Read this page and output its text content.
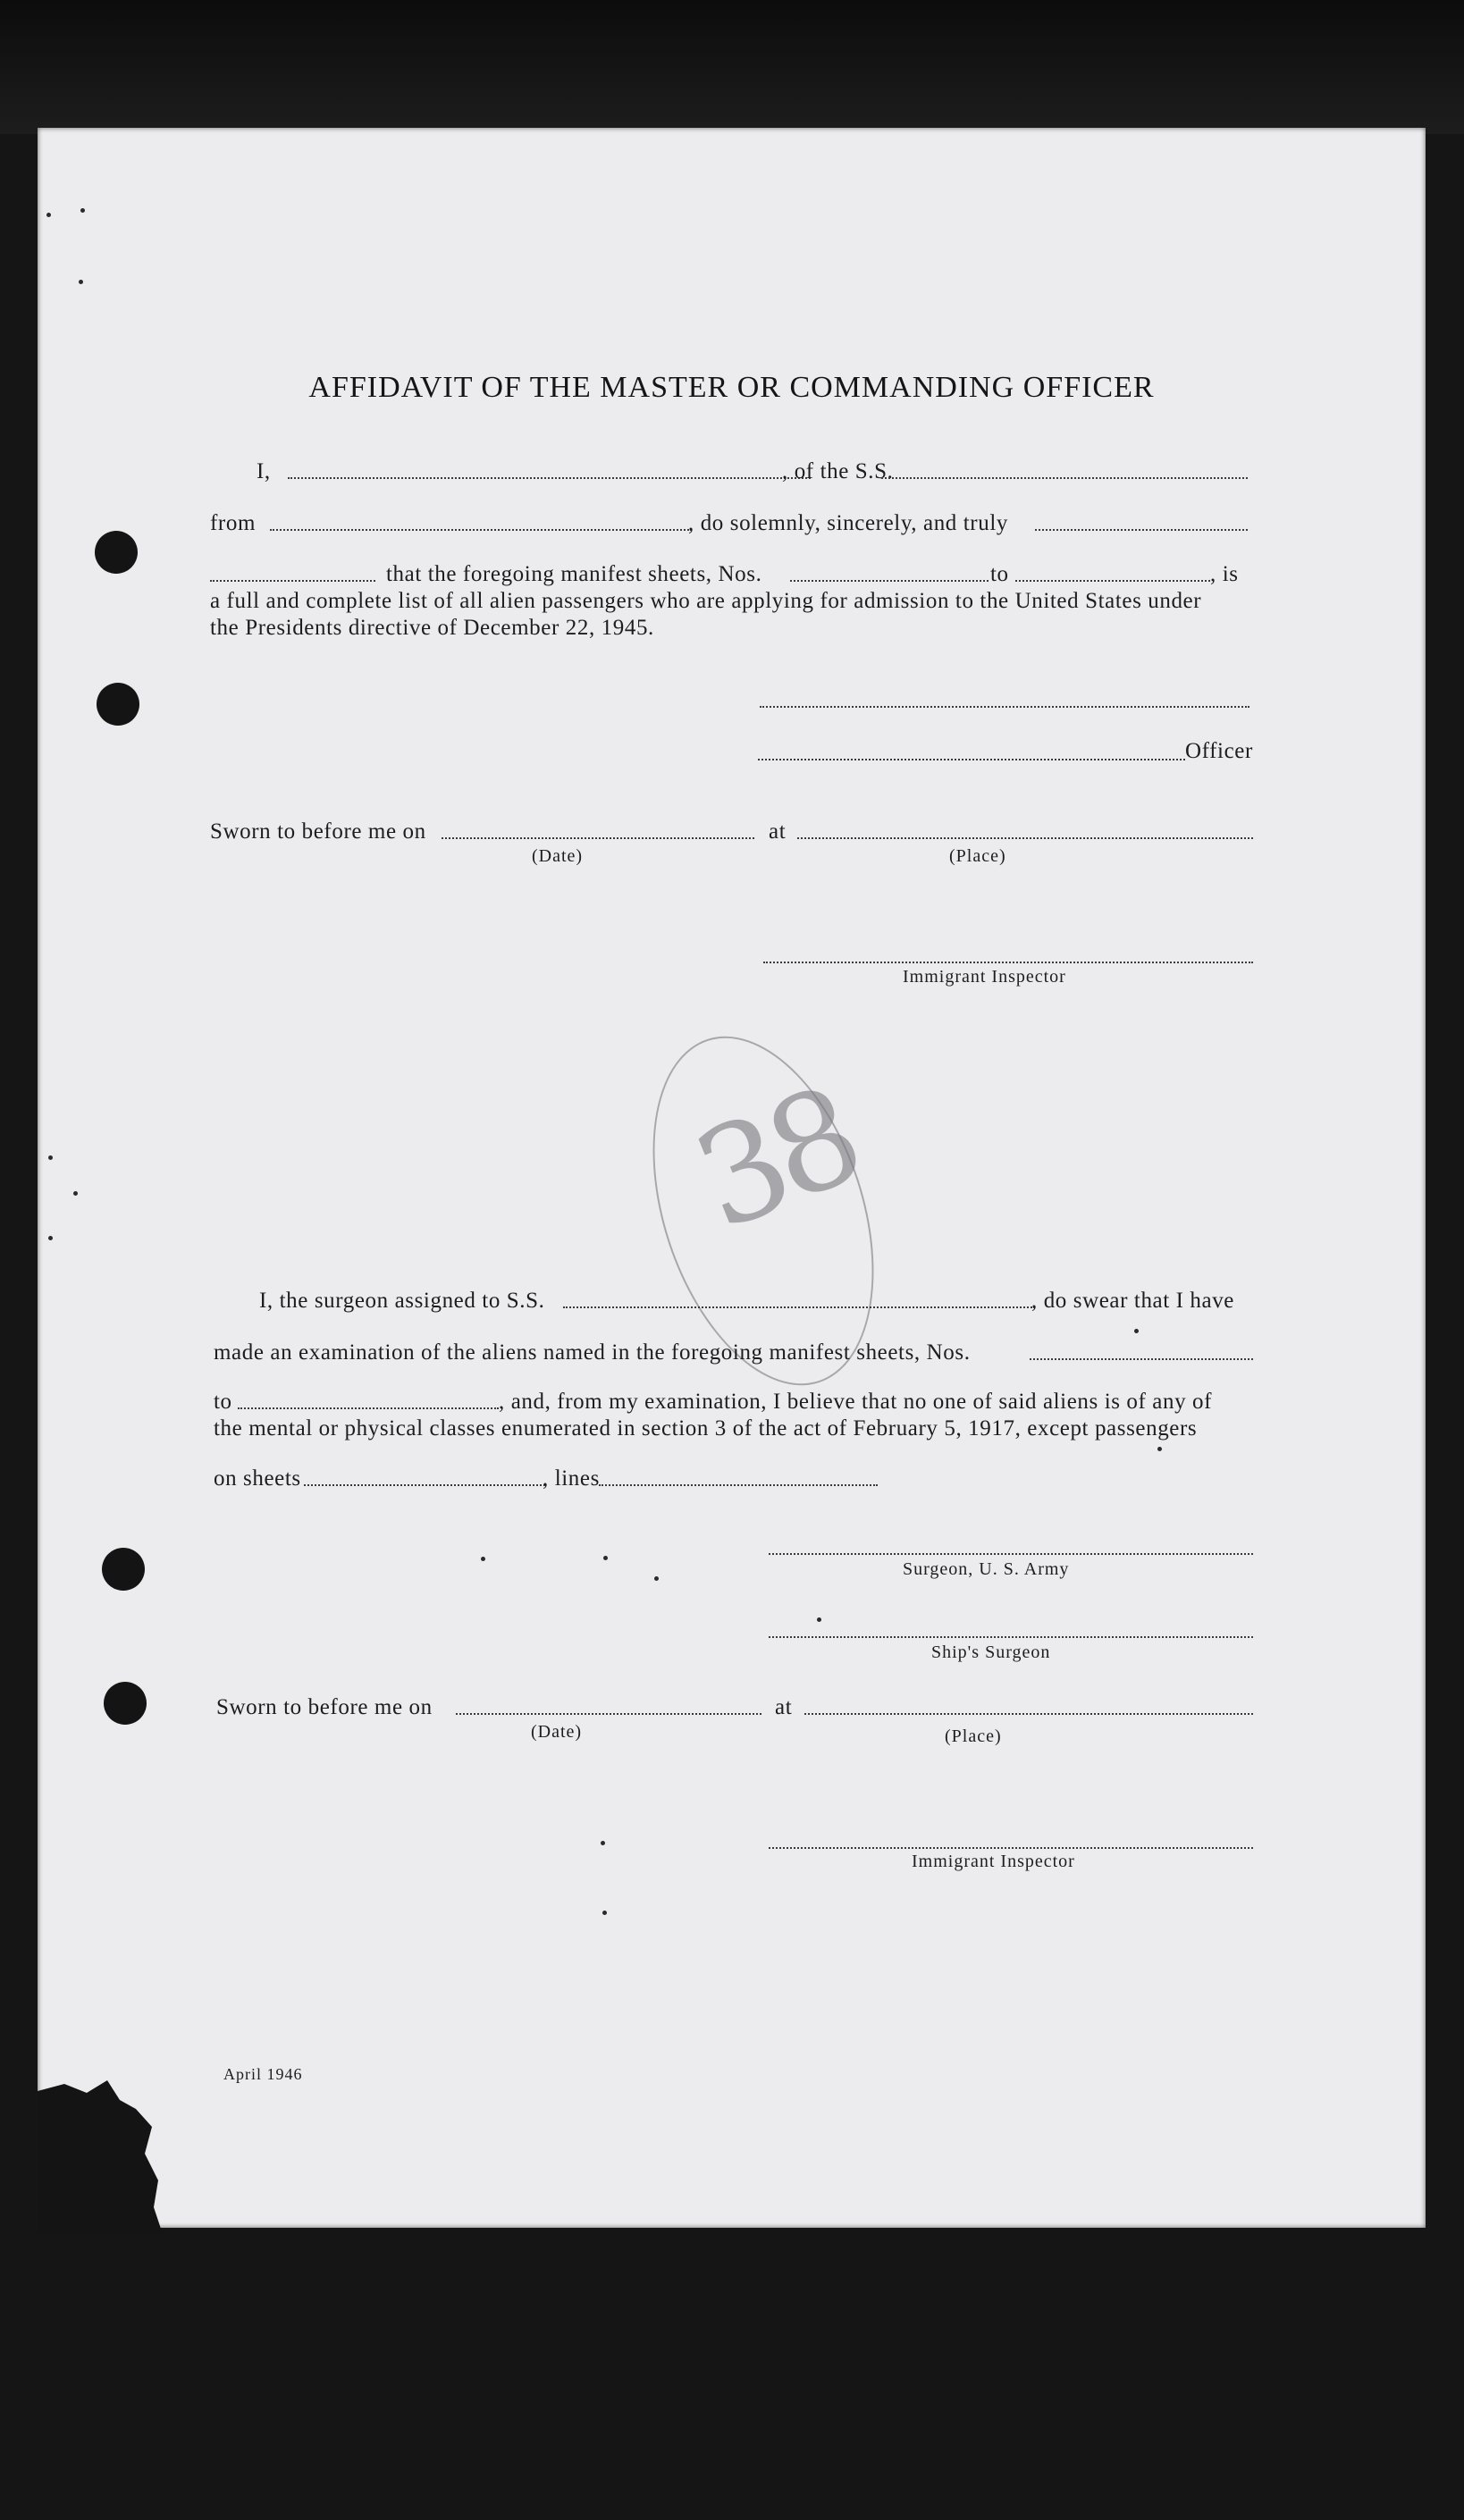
AFFIDAVIT OF THE MASTER OR COMMANDING OFFICER
I,	, of the S.S.
from	, do solemnly, sincerely, and truly
that the foregoing manifest sheets, Nos.	to	, is
a full and complete list of all alien passengers who are applying for admission to the United States under
the Presidents directive of December 22, 1945.
Officer
Sworn to before me on	at
(Date)	(Place)
Immigrant Inspector
38
I, the surgeon assigned to S.S.	, do swear that I have
made an examination of the aliens named in the foregoing manifest sheets, Nos.
to	, and, from my examination, I believe that no one of said aliens is of any of
the mental or physical classes enumerated in section 3 of the act of February 5, 1917, except passengers
on sheets	, lines
Surgeon, U. S. Army
Ship's Surgeon
Sworn to before me on	at
(Date)	(Place)
Immigrant Inspector
April 1946
